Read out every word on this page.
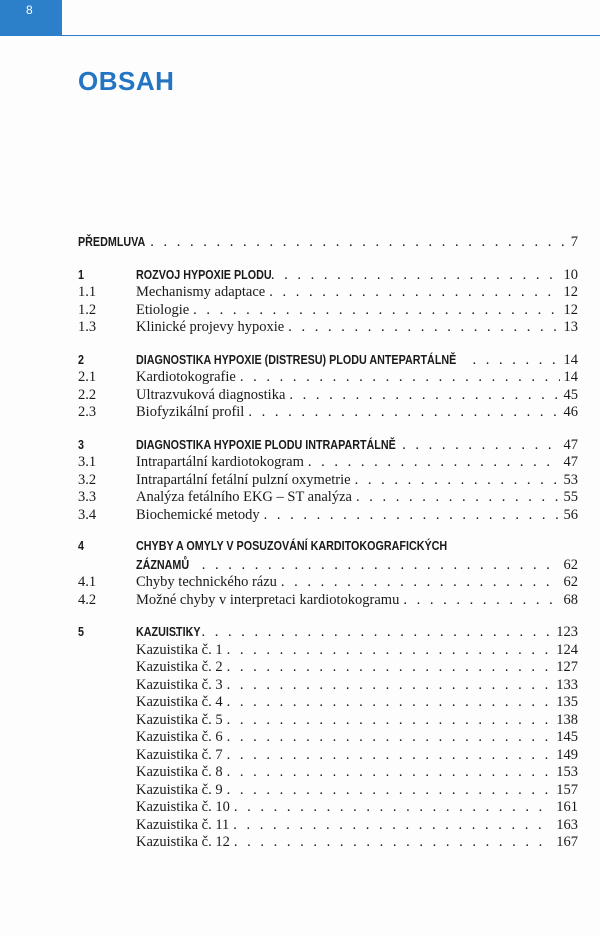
8
OBSAH
PŘEDMLUVA . . .	7
1	ROZVOJ HYPOXIE PLODU . . .	10
1.1	Mechanismy adaptace . . .	12
1.2	Etiologie . . .	12
1.3	Klinické projevy hypoxie . . .	13
2	DIAGNOSTIKA HYPOXIE (DISTRESU) PLODU ANTEPARTÁLNĚ . . .	14
2.1	Kardiotokografie . . .	14
2.2	Ultrazvuková diagnostika . . .	45
2.3	Biofyzikální profil . . .	46
3	DIAGNOSTIKA HYPOXIE PLODU INTRAPARTÁLNĚ . . .	47
3.1	Intrapartální kardiotokogram . . .	47
3.2	Intrapartální fetální pulzní oxymetrie . . .	53
3.3	Analýza fetálního EKG – ST analýza . . .	55
3.4	Biochemické metody . . .	56
4	CHYBY A OMYLY V POSUZOVÁNÍ KARDITOKOGRAFICKÝCH
ZÁZNAMŮ . . .	62
4.1	Chyby technického rázu . . .	62
4.2	Možné chyby v interpretaci kardiotokogramu . . .	68
5	KAZUISTIKY . . .	123
Kazuistika č. 1 . . .	124
Kazuistika č. 2 . . .	127
Kazuistika č. 3 . . .	133
Kazuistika č. 4 . . .	135
Kazuistika č. 5 . . .	138
Kazuistika č. 6 . . .	145
Kazuistika č. 7 . . .	149
Kazuistika č. 8 . . .	153
Kazuistika č. 9 . . .	157
Kazuistika č. 10 . . .	161
Kazuistika č. 11 . . .	163
Kazuistika č. 12 . . .	167
